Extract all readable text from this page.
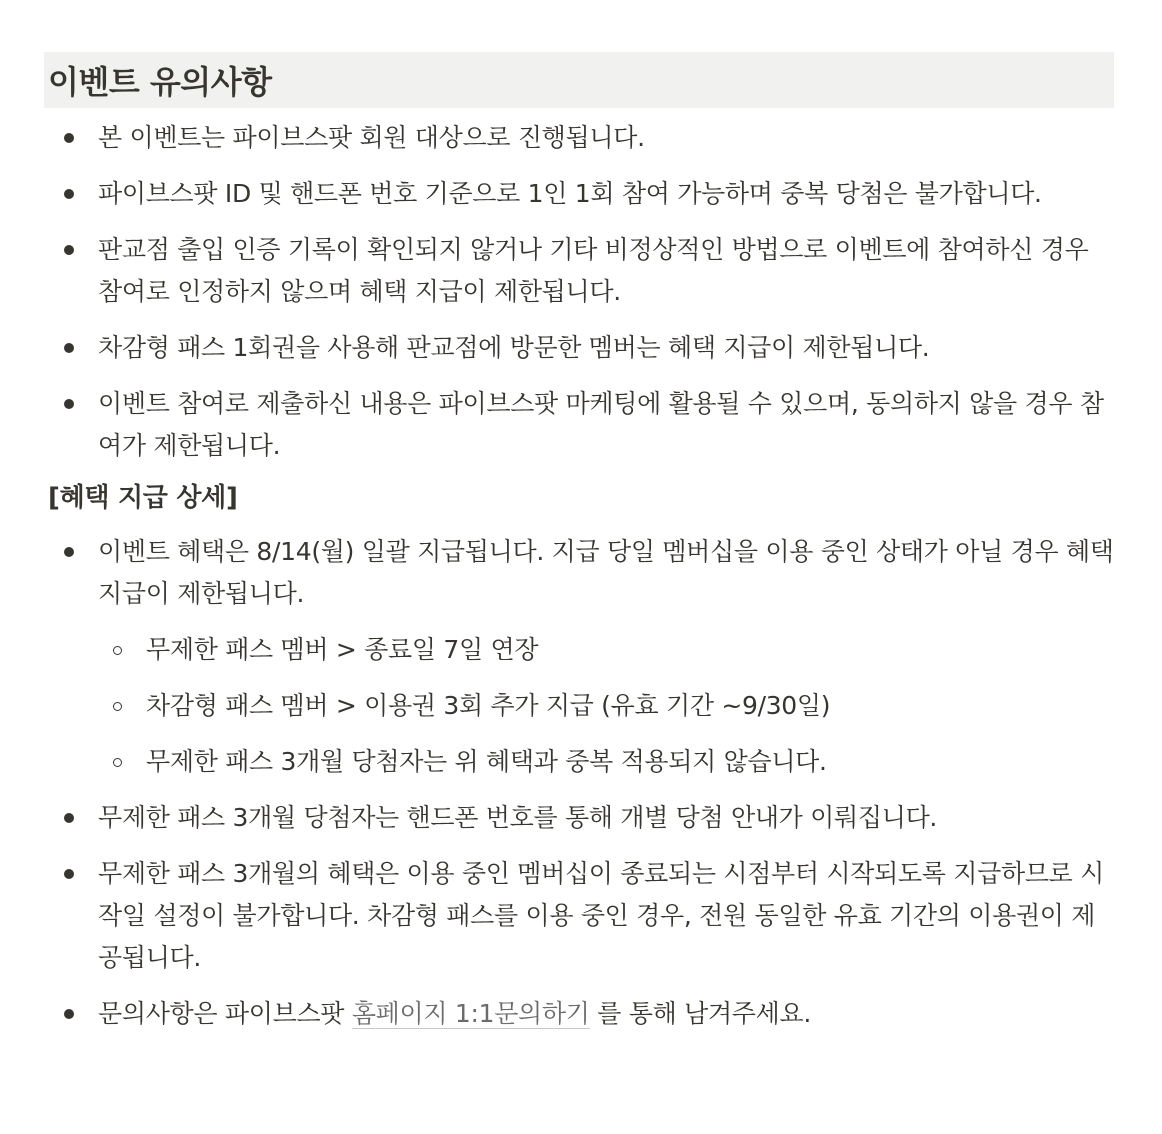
이벤트 유의사항
본 이벤트는 파이브스팟 회원 대상으로 진행됩니다.
파이브스팟 ID 및 핸드폰 번호 기준으로 1인 1회 참여 가능하며 중복 당첨은 불가합니다.
판교점 출입 인증 기록이 확인되지 않거나 기타 비정상적인 방법으로 이벤트에 참여하신 경우 참여로 인정하지 않으며 혜택 지급이 제한됩니다.
차감형 패스 1회권을 사용해 판교점에 방문한 멤버는 혜택 지급이 제한됩니다.
이벤트 참여로 제출하신 내용은 파이브스팟 마케팅에 활용될 수 있으며, 동의하지 않을 경우 참여가 제한됩니다.
[혜택 지급 상세]
이벤트 혜택은 8/14(월) 일괄 지급됩니다. 지급 당일 멤버십을 이용 중인 상태가 아닐 경우 혜택 지급이 제한됩니다.
무제한 패스 멤버 > 종료일 7일 연장
차감형 패스 멤버 > 이용권 3회 추가 지급 (유효 기간 ~9/30일)
무제한 패스 3개월 당첨자는 위 혜택과 중복 적용되지 않습니다.
무제한 패스 3개월 당첨자는 핸드폰 번호를 통해 개별 당첨 안내가 이뤄집니다.
무제한 패스 3개월의 혜택은 이용 중인 멤버십이 종료되는 시점부터 시작되도록 지급하므로 시작일 설정이 불가합니다. 차감형 패스를 이용 중인 경우, 전원 동일한 유효 기간의 이용권이 제공됩니다.
문의사항은 파이브스팟 홈페이지 1:1문의하기 를 통해 남겨주세요.
